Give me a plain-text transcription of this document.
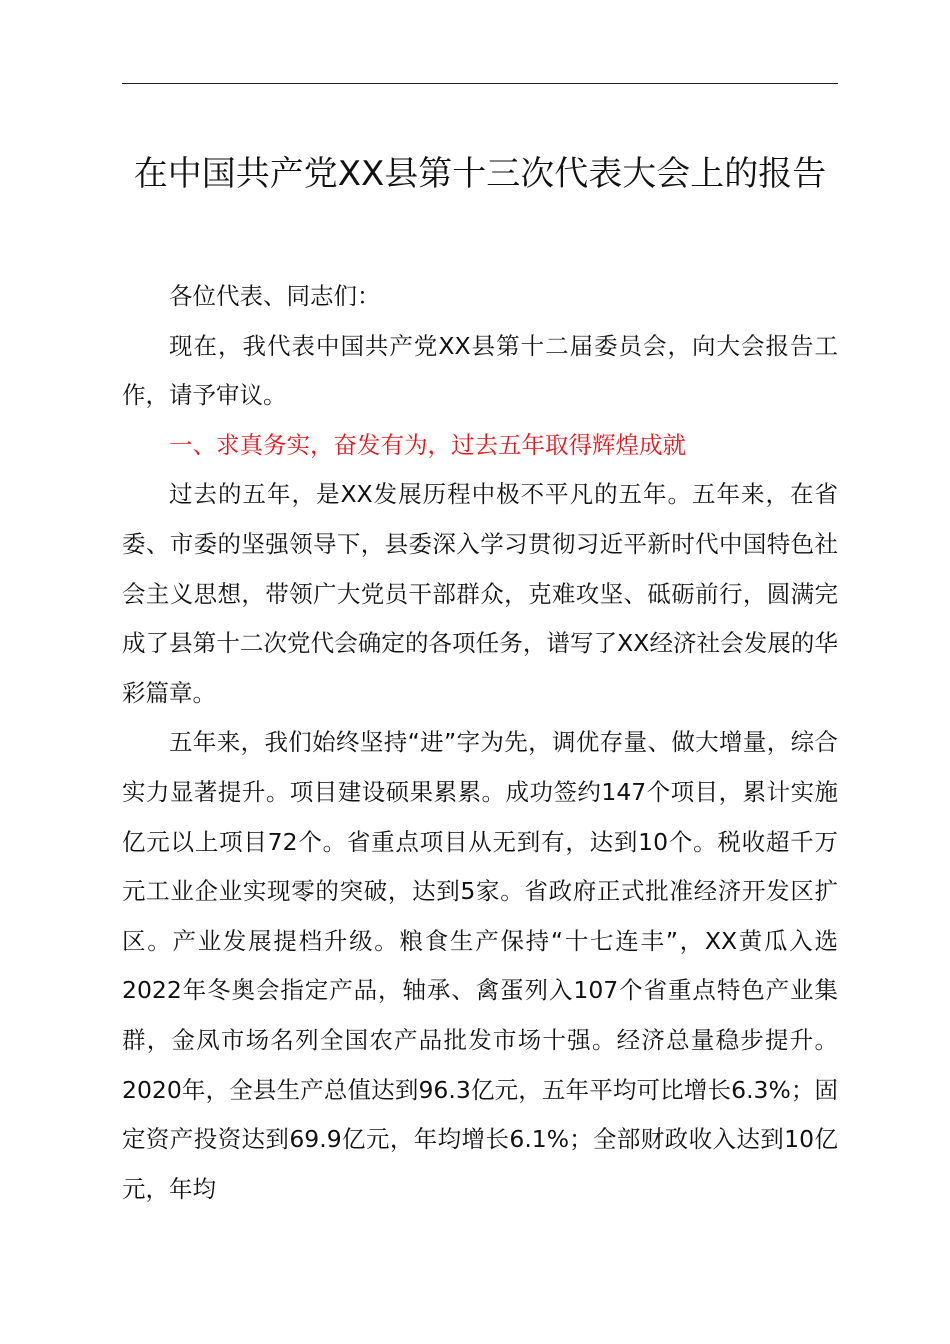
在中国共产党XX县第十三次代表大会上的报告

各位代表、同志们：

现在，我代表中国共产党XX县第十二届委员会，向大会报告工作，请予审议。

一、求真务实，奋发有为，过去五年取得辉煌成就

过去的五年，是XX发展历程中极不平凡的五年。五年来，在省委、市委的坚强领导下，县委深入学习贯彻习近平新时代中国特色社会主义思想，带领广大党员干部群众，克难攻坚、砥砺前行，圆满完成了县第十二次党代会确定的各项任务，谱写了XX经济社会发展的华彩篇章。

五年来，我们始终坚持“进”字为先，调优存量、做大增量，综合实力显著提升。项目建设硕果累累。成功签约147个项目，累计实施亿元以上项目72个。省重点项目从无到有，达到10个。税收超千万元工业企业实现零的突破，达到5家。省政府正式批准经济开发区扩区。产业发展提档升级。粮食生产保持“十七连丰”，XX黄瓜入选2022年冬奥会指定产品，轴承、禽蛋列入107个省重点特色产业集群，金凤市场名列全国农产品批发市场十强。经济总量稳步提升。2020年，全县生产总值达到96.3亿元，五年平均可比增长6.3%；固定资产投资达到69.9亿元，年均增长6.1%；全部财政收入达到10亿元，年均
